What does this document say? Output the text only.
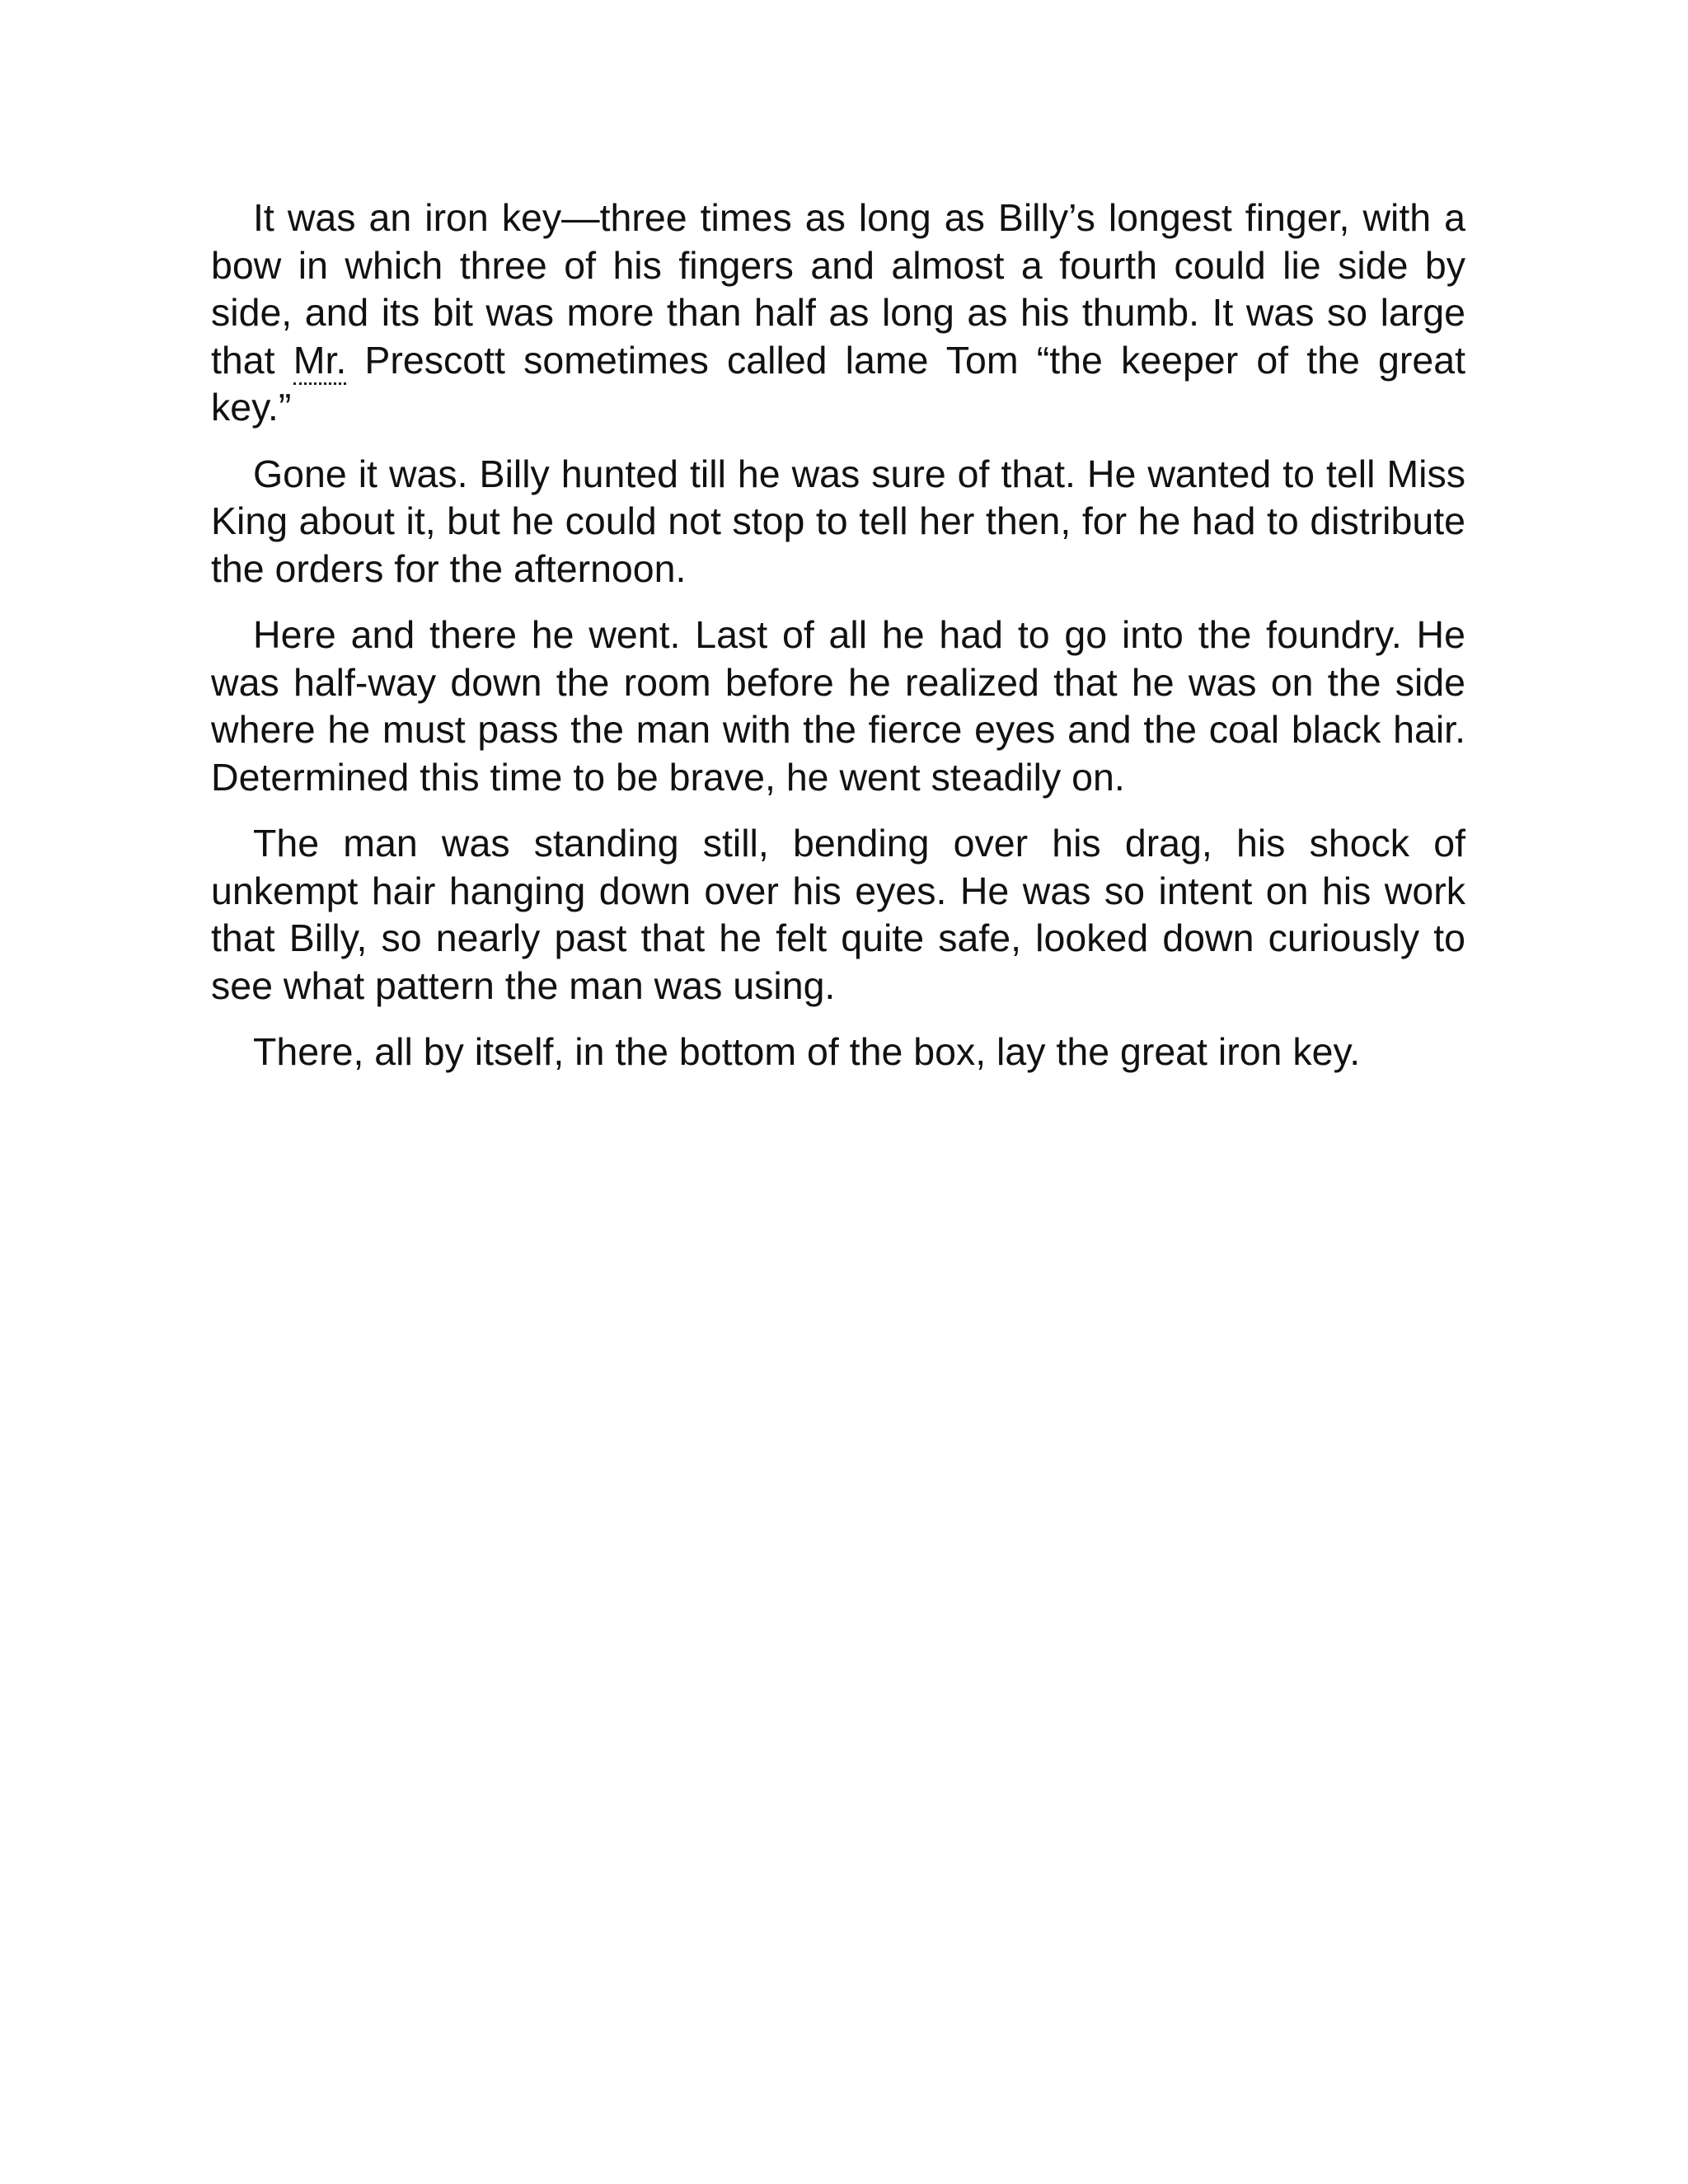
It was an iron key—three times as long as Billy’s longest finger, with a bow in which three of his fingers and almost a fourth could lie side by side, and its bit was more than half as long as his thumb. It was so large that Mr. Prescott sometimes called lame Tom “the keeper of the great key.”

Gone it was. Billy hunted till he was sure of that. He wanted to tell Miss King about it, but he could not stop to tell her then, for he had to distribute the orders for the afternoon.

Here and there he went. Last of all he had to go into the foundry. He was half-way down the room before he realized that he was on the side where he must pass the man with the fierce eyes and the coal black hair. Determined this time to be brave, he went steadily on.

The man was standing still, bending over his drag, his shock of unkempt hair hanging down over his eyes. He was so intent on his work that Billy, so nearly past that he felt quite safe, looked down curiously to see what pattern the man was using.

There, all by itself, in the bottom of the box, lay the great iron key.
